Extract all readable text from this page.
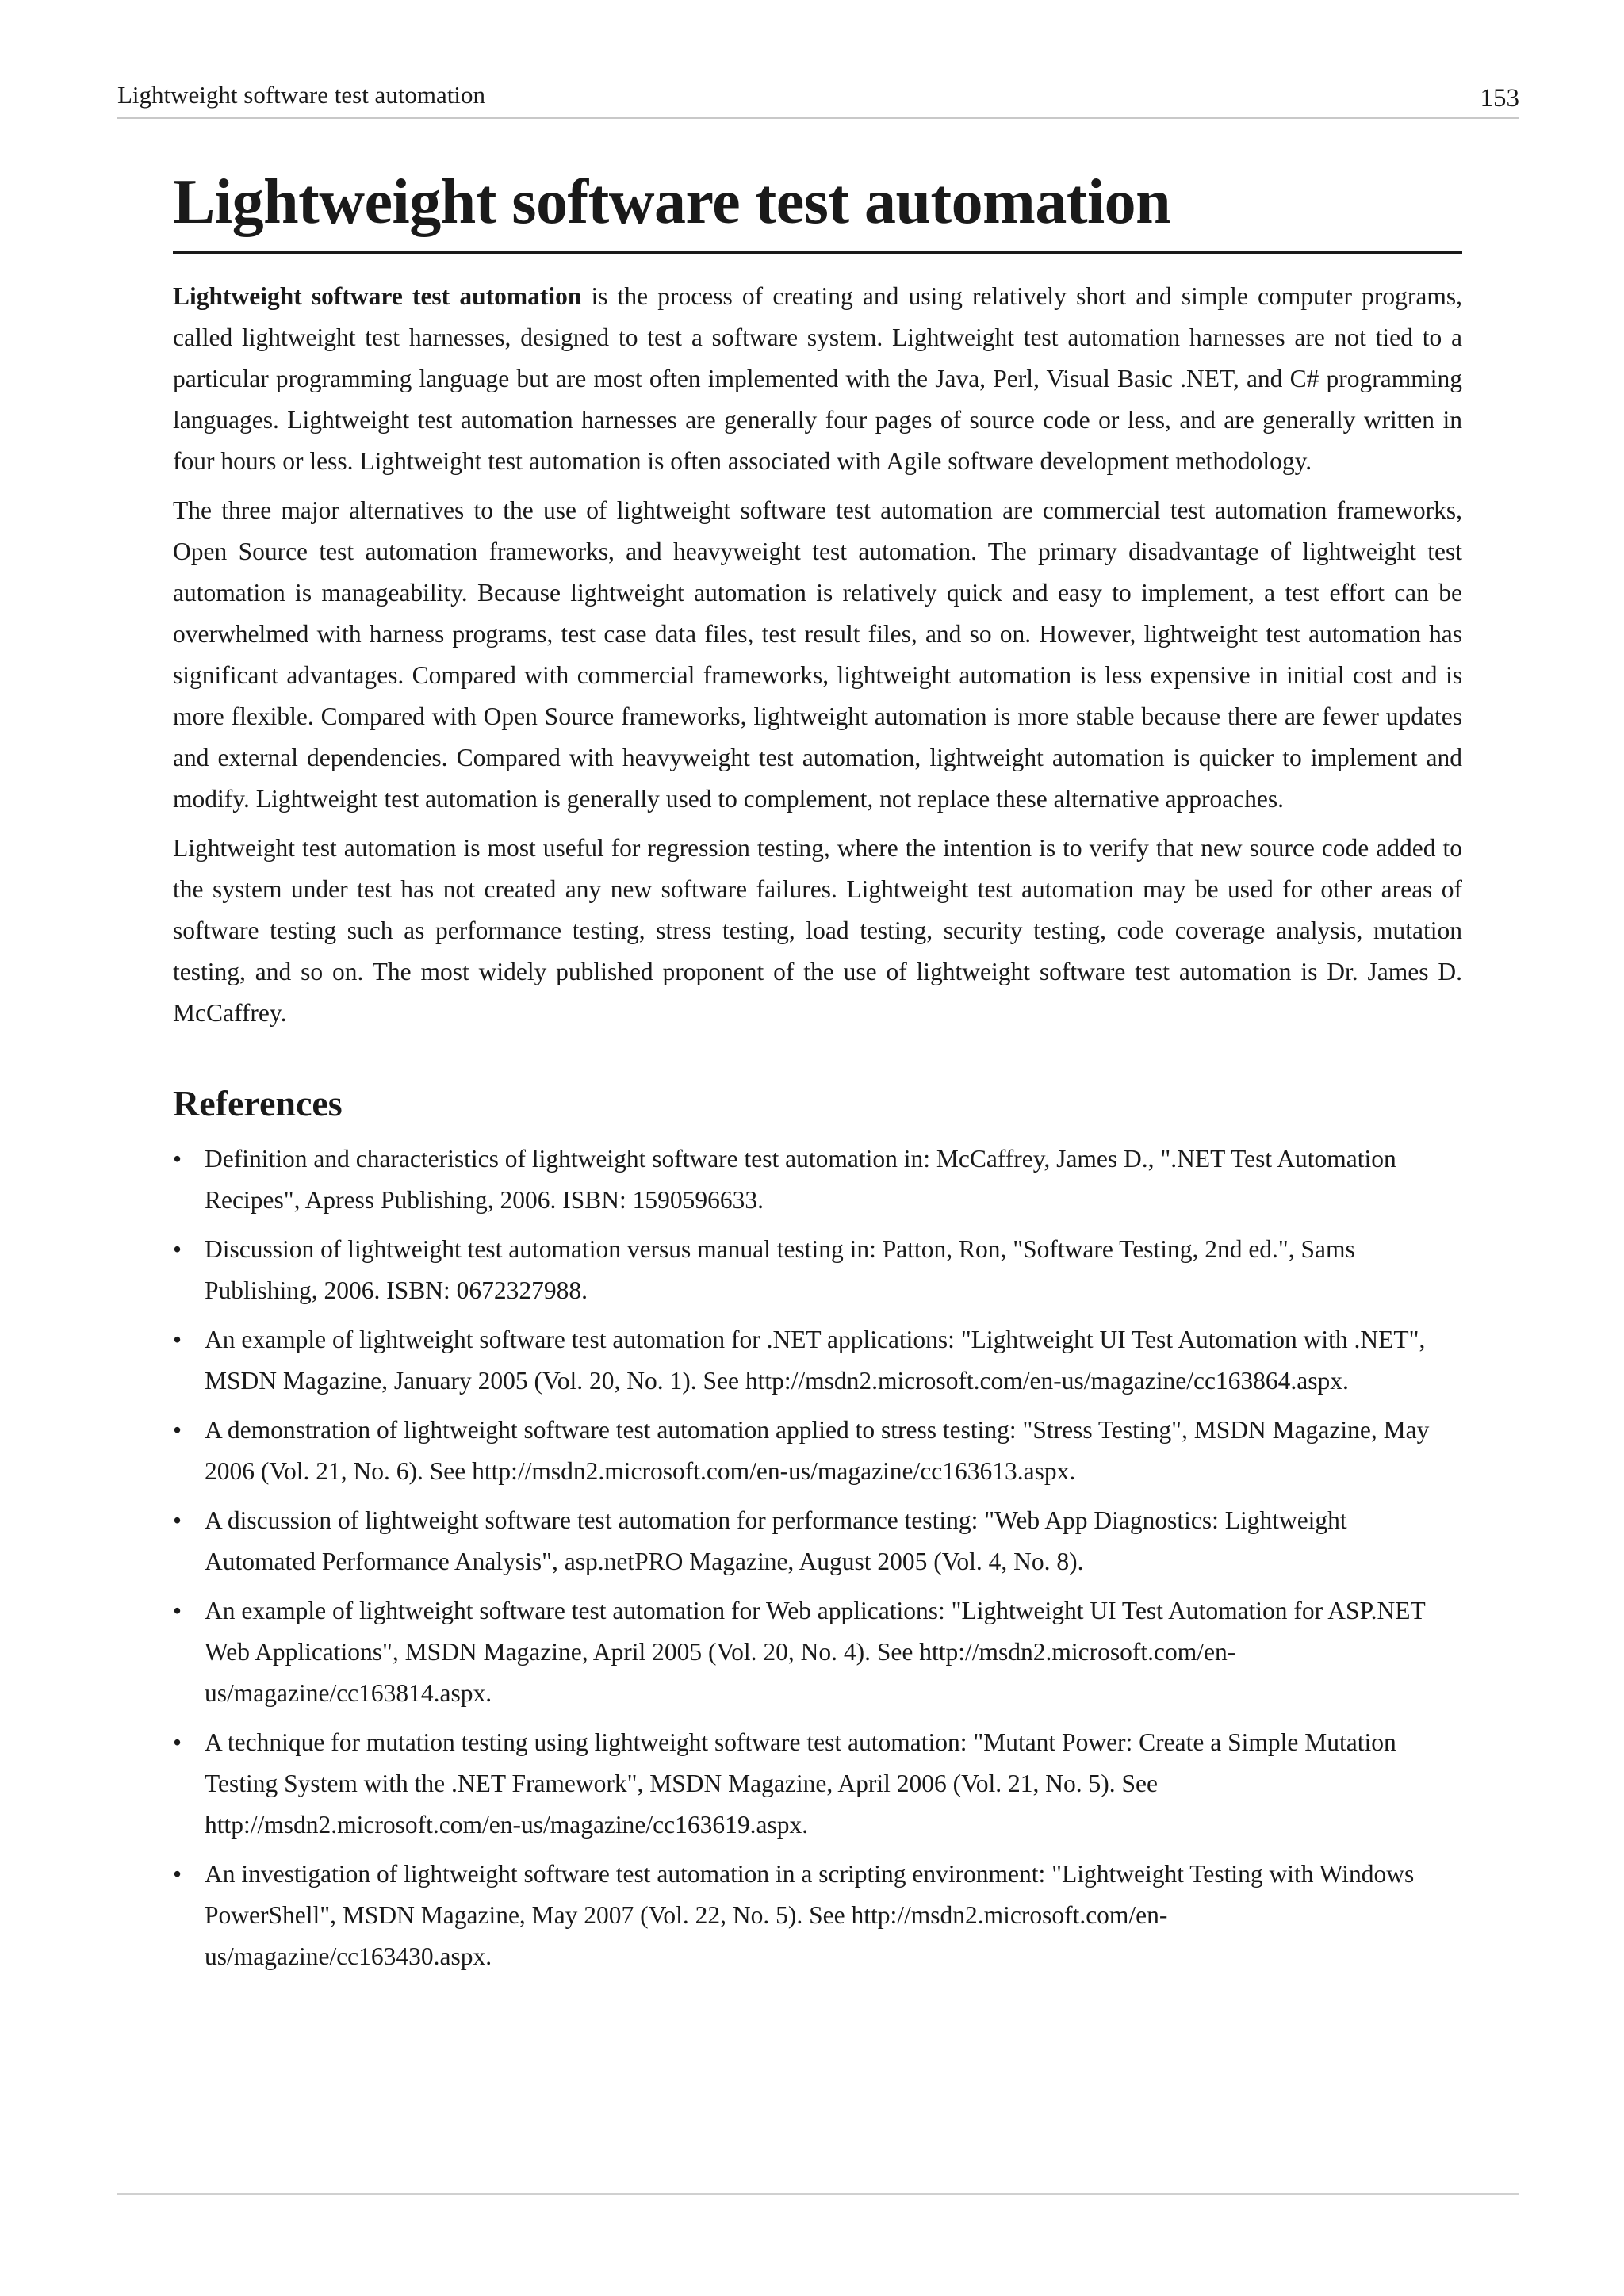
Lightweight software test automation	153
Lightweight software test automation

Lightweight software test automation is the process of creating and using relatively short and simple computer programs, called lightweight test harnesses, designed to test a software system. Lightweight test automation harnesses are not tied to a particular programming language but are most often implemented with the Java, Perl, Visual Basic .NET, and C# programming languages. Lightweight test automation harnesses are generally four pages of source code or less, and are generally written in four hours or less. Lightweight test automation is often associated with Agile software development methodology.

The three major alternatives to the use of lightweight software test automation are commercial test automation frameworks, Open Source test automation frameworks, and heavyweight test automation. The primary disadvantage of lightweight test automation is manageability. Because lightweight automation is relatively quick and easy to implement, a test effort can be overwhelmed with harness programs, test case data files, test result files, and so on. However, lightweight test automation has significant advantages. Compared with commercial frameworks, lightweight automation is less expensive in initial cost and is more flexible. Compared with Open Source frameworks, lightweight automation is more stable because there are fewer updates and external dependencies. Compared with heavyweight test automation, lightweight automation is quicker to implement and modify. Lightweight test automation is generally used to complement, not replace these alternative approaches.

Lightweight test automation is most useful for regression testing, where the intention is to verify that new source code added to the system under test has not created any new software failures. Lightweight test automation may be used for other areas of software testing such as performance testing, stress testing, load testing, security testing, code coverage analysis, mutation testing, and so on. The most widely published proponent of the use of lightweight software test automation is Dr. James D. McCaffrey.

References
• Definition and characteristics of lightweight software test automation in: McCaffrey, James D., ".NET Test Automation Recipes", Apress Publishing, 2006. ISBN: 1590596633.
• Discussion of lightweight test automation versus manual testing in: Patton, Ron, "Software Testing, 2nd ed.", Sams Publishing, 2006. ISBN: 0672327988.
• An example of lightweight software test automation for .NET applications: "Lightweight UI Test Automation with .NET", MSDN Magazine, January 2005 (Vol. 20, No. 1). See http://msdn2.microsoft.com/en-us/magazine/cc163864.aspx.
• A demonstration of lightweight software test automation applied to stress testing: "Stress Testing", MSDN Magazine, May 2006 (Vol. 21, No. 6). See http://msdn2.microsoft.com/en-us/magazine/cc163613.aspx.
• A discussion of lightweight software test automation for performance testing: "Web App Diagnostics: Lightweight Automated Performance Analysis", asp.netPRO Magazine, August 2005 (Vol. 4, No. 8).
• An example of lightweight software test automation for Web applications: "Lightweight UI Test Automation for ASP.NET Web Applications", MSDN Magazine, April 2005 (Vol. 20, No. 4). See http://msdn2.microsoft.com/en-us/magazine/cc163814.aspx.
• A technique for mutation testing using lightweight software test automation: "Mutant Power: Create a Simple Mutation Testing System with the .NET Framework", MSDN Magazine, April 2006 (Vol. 21, No. 5). See http://msdn2.microsoft.com/en-us/magazine/cc163619.aspx.
• An investigation of lightweight software test automation in a scripting environment: "Lightweight Testing with Windows PowerShell", MSDN Magazine, May 2007 (Vol. 22, No. 5). See http://msdn2.microsoft.com/en-us/magazine/cc163430.aspx.
